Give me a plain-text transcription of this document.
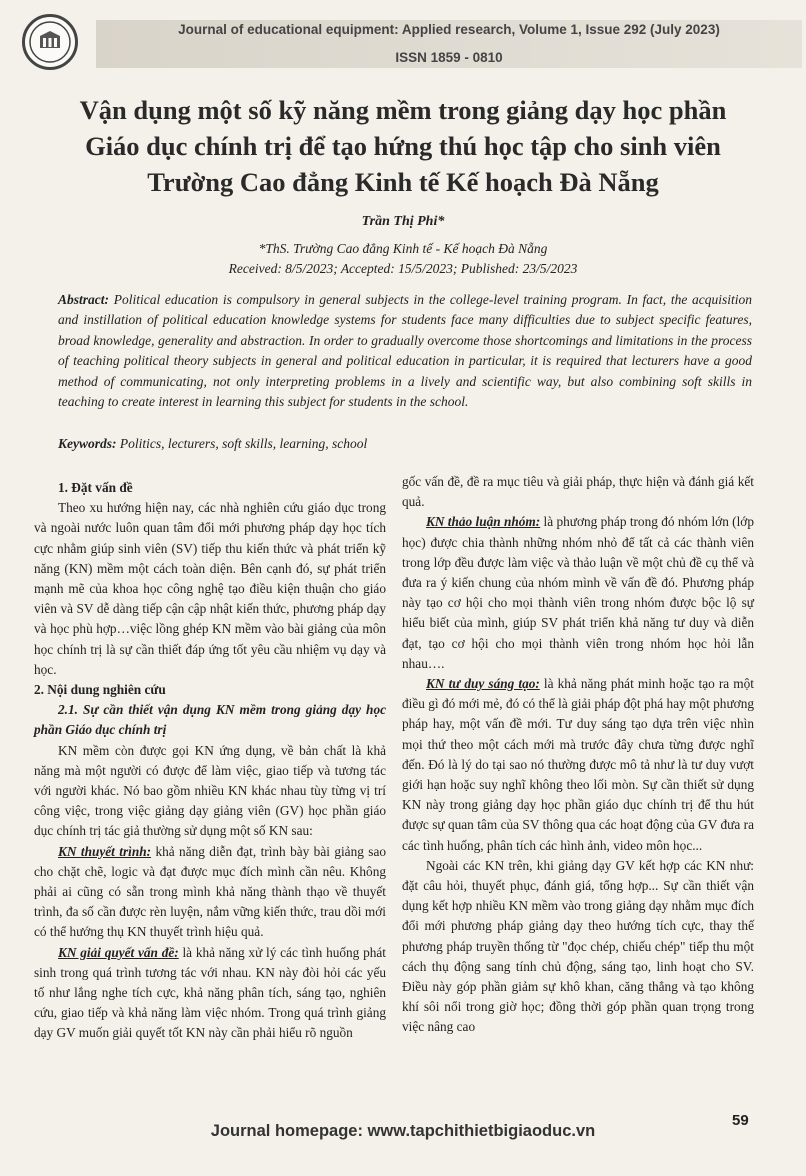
Journal of educational equipment: Applied research, Volume 1, Issue 292 (July 2023)
ISSN 1859 - 0810
Vận dụng một số kỹ năng mềm trong giảng dạy học phần
Giáo dục chính trị để tạo hứng thú học tập cho sinh viên
Trường Cao đẳng Kinh tế Kế hoạch Đà Nẵng
Trần Thị Phi*
*ThS. Trường Cao đẳng Kinh tế - Kế hoạch Đà Nẵng
Received: 8/5/2023; Accepted: 15/5/2023; Published: 23/5/2023
Abstract: Political education is compulsory in general subjects in the college-level training program. In fact, the acquisition and instillation of political education knowledge systems for students face many difficulties due to subject specific features, broad knowledge, generality and abstraction. In order to gradually overcome those shortcomings and limitations in the process of teaching political theory subjects in general and political education in particular, it is required that lecturers have a good method of communicating, not only interpreting problems in a lively and scientific way, but also combining soft skills in teaching to create interest in learning this subject for students in the school.
Keywords: Politics, lecturers, soft skills, learning, school

1. Đặt vấn đề

Theo xu hướng hiện nay, các nhà nghiên cứu giáo dục trong và ngoài nước luôn quan tâm đổi mới phương pháp dạy học tích cực nhằm giúp sinh viên (SV) tiếp thu kiến thức và phát triển kỹ năng (KN) mềm một cách toàn diện. Bên cạnh đó, sự phát triển mạnh mẽ của khoa học công nghệ tạo điều kiện thuận cho giáo viên và SV dễ dàng tiếp cận cập nhật kiến thức, phương pháp dạy và học phù hợp…việc lồng ghép KN mềm vào bài giảng của môn học chính trị là sự cần thiết đáp ứng tốt yêu cầu nhiệm vụ dạy và học.

2. Nội dung nghiên cứu

2.1. Sự cần thiết vận dụng KN mềm trong giảng dạy học phần Giáo dục chính trị

KN mềm còn được gọi KN ứng dụng, về bản chất là khả năng mà một người có được để làm việc, giao tiếp và tương tác với người khác. Nó bao gồm nhiều KN khác nhau tùy từng vị trí công việc, trong việc giảng dạy giảng viên (GV) học phần giáo dục chính trị tác giả thường sử dụng một số KN sau:

KN thuyết trình: khả năng diễn đạt, trình bày bài giảng sao cho chặt chẽ, logic và đạt được mục đích mình cần nêu. Không phải ai cũng có sẵn trong mình khả năng thành thạo về thuyết trình, đa số cần được rèn luyện, nắm vững kiến thức, trau dồi mới có thể hướng thụ KN thuyết trình hiệu quả.

KN giải quyết vấn đề: là khả năng xử lý các tình huống phát sinh trong quá trình tương tác với nhau. KN này đòi hỏi các yếu tố như lắng nghe tích cực, khả năng phân tích, sáng tạo, nghiên cứu, giao tiếp và khả năng làm việc nhóm. Trong quá trình giảng dạy GV muốn giải quyết tốt KN này cần phải hiểu rõ nguồn

gốc vấn đề, đề ra mục tiêu và giải pháp, thực hiện và đánh giá kết quả.

KN thảo luận nhóm: là phương pháp trong đó nhóm lớn (lớp học) được chia thành những nhóm nhỏ để tất cả các thành viên trong lớp đều được làm việc và thảo luận về một chủ đề cụ thể và đưa ra ý kiến chung của nhóm mình về vấn đề đó. Phương pháp này tạo cơ hội cho mọi thành viên trong nhóm được bộc lộ sự hiểu biết của mình, giúp SV phát triển khả năng tư duy và diễn đạt, tạo cơ hội cho mọi thành viên trong nhóm học hỏi lẫn nhau….

KN tư duy sáng tạo: là khả năng phát minh hoặc tạo ra một điều gì đó mới mẻ, đó có thể là giải pháp đột phá hay một phương pháp hay, một vấn đề mới. Tư duy sáng tạo dựa trên việc nhìn mọi thứ theo một cách mới mà trước đây chưa từng được nghĩ đến. Đó là lý do tại sao nó thường được mô tả như là tư duy vượt giới hạn hoặc suy nghĩ không theo lối mòn. Sự cần thiết sử dụng KN này trong giảng dạy học phần giáo dục chính trị để thu hút được sự quan tâm của SV thông qua các hoạt động của GV đưa ra các tình huống, phân tích các hình ảnh, video môn học...

Ngoài các KN trên, khi giảng dạy GV kết hợp các KN như: đặt câu hỏi, thuyết phục, đánh giá, tổng hợp... Sự cần thiết vận dụng kết hợp nhiều KN mềm vào trong giảng dạy nhằm mục đích đổi mới phương pháp giảng dạy theo hướng tích cực, thay thế phương pháp truyền thống từ "đọc chép, chiếu chép" tiếp thu một cách thụ động sang tính chủ động, sáng tạo, linh hoạt cho SV. Điều này góp phần giảm sự khô khan, căng thẳng và tạo không khí sôi nổi trong giờ học; đồng thời góp phần quan trọng trong việc nâng cao

59
Journal homepage: www.tapchithietbigiaoduc.vn
